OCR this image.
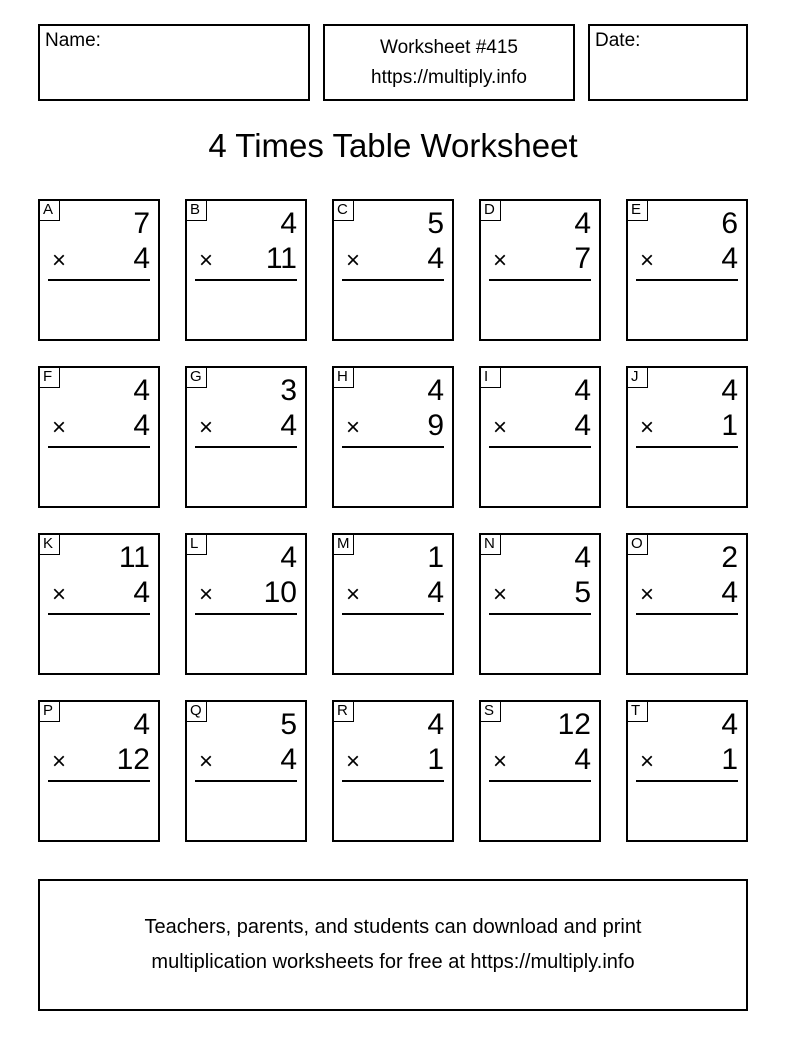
Name:	Worksheet #415
https://multiply.info
Date:
4 Times Table Worksheet
A	7
× 4
B	4
× 11
C	5
× 4
D	4
× 7
E	6
× 4
F	4
× 4
G	3
× 4
H	4
× 9
I	4
× 4
J	4
× 1
K 11
× 4
L	4
× 10
M	1
× 4
N	4
× 5
O	2
× 4
P	4
× 12
Q	5
× 4
R	4
× 1
S 12
× 4
T	4
× 1
Teachers, parents, and students can download and print
multiplication worksheets for free at https://multiply.info
